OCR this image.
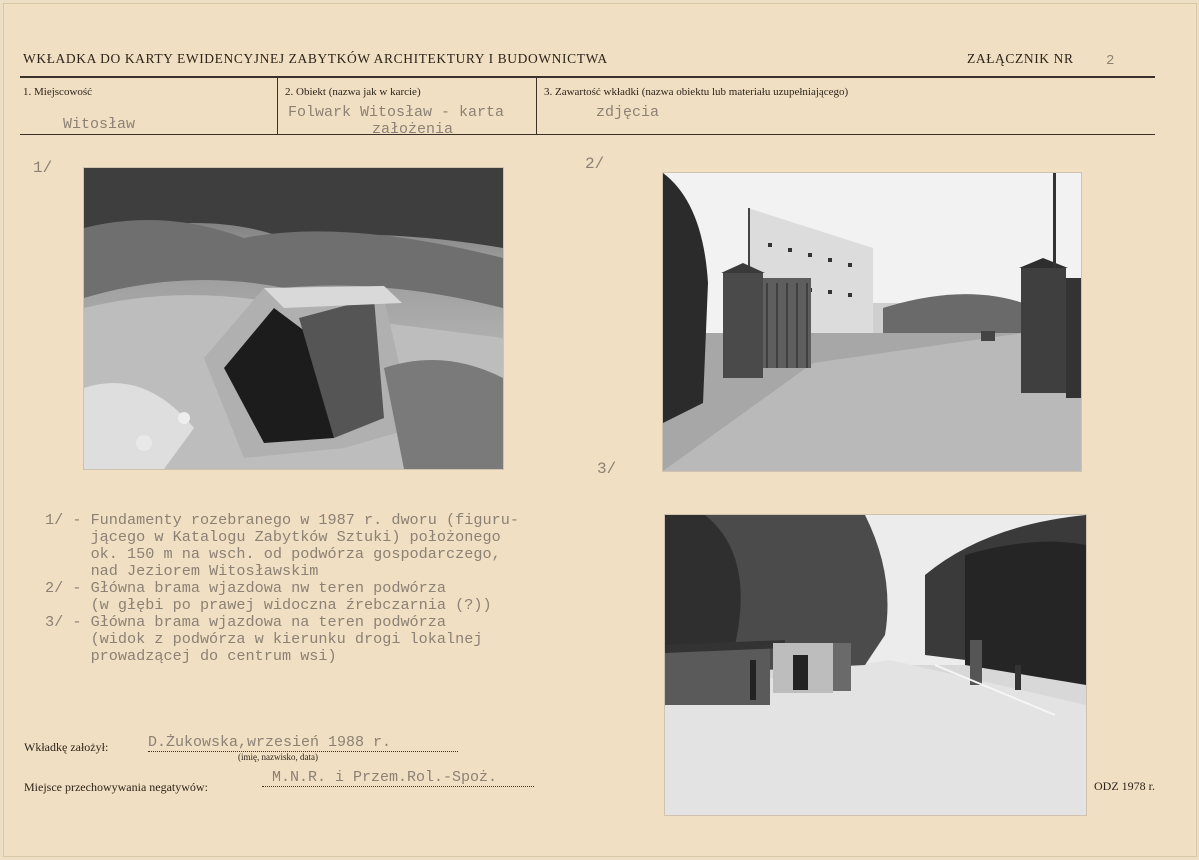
WKŁADKA DO KARTY EWIDENCYJNEJ ZABYTKÓW ARCHITEKTURY I BUDOWNICTWA	ZAŁĄCZNIK NR 2
1. Miejscowość
Witosław
2. Obiekt (nazwa jak w karcie)
Folwark Witosław - karta
założenia
3. Zawartość wkładki (nazwa obiektu lub materiału uzupełniającego)
zdjęcia
1/	2/
3/
1/ - Fundamenty rozebranego w 1987 r. dworu (figuru-
jącego w Katalogu Zabytków Sztuki) położonego
ok. 150 m na wsch. od podwórza gospodarczego,
nad Jeziorem Witosławskim
2/ - Główna brama wjazdowa nw teren podwórza
(w głębi po prawej widoczna źrebczarnia (?))
3/ - Główna brama wjazdowa na teren podwórza
(widok z podwórza w kierunku drogi lokalnej
prowadzącej do centrum wsi)
Wkładkę założył:	D.Żukowska,wrzesień 1988 r.
(imię, nazwisko, data)
Miejsce przechowywania negatywów:
M.N.R. i Przem.Rol.-Spoż.	ODZ 1978 r.
